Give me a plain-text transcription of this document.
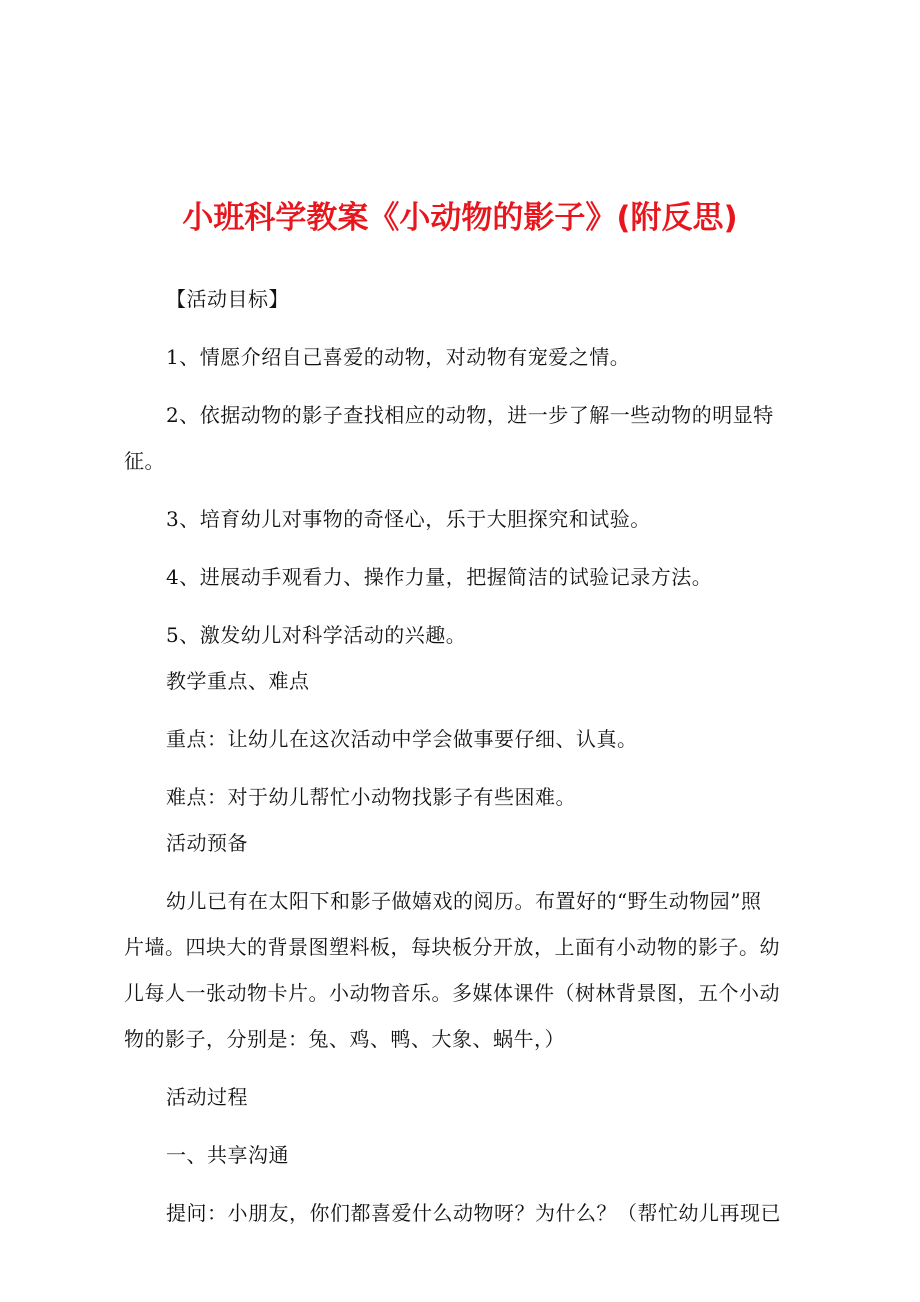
小班科学教案《小动物的影子》(附反思)

【活动目标】

1、情愿介绍自己喜爱的动物，对动物有宠爱之情。

2、依据动物的影子查找相应的动物，进一步了解一些动物的明显特

征。

3、培育幼儿对事物的奇怪心，乐于大胆探究和试验。

4、进展动手观看力、操作力量，把握简洁的试验记录方法。

5、激发幼儿对科学活动的兴趣。

教学重点、难点

重点：让幼儿在这次活动中学会做事要仔细、认真。

难点：对于幼儿帮忙小动物找影子有些困难。

活动预备

幼儿已有在太阳下和影子做嬉戏的阅历。布置好的“野生动物园”照

片墙。四块大的背景图塑料板，每块板分开放，上面有小动物的影子。幼

儿每人一张动物卡片。小动物音乐。多媒体课件（树林背景图，五个小动

物的影子，分别是：兔、鸡、鸭、大象、蜗牛，）

活动过程

一、共享沟通

提问：小朋友，你们都喜爱什么动物呀？为什么？（帮忙幼儿再现已
